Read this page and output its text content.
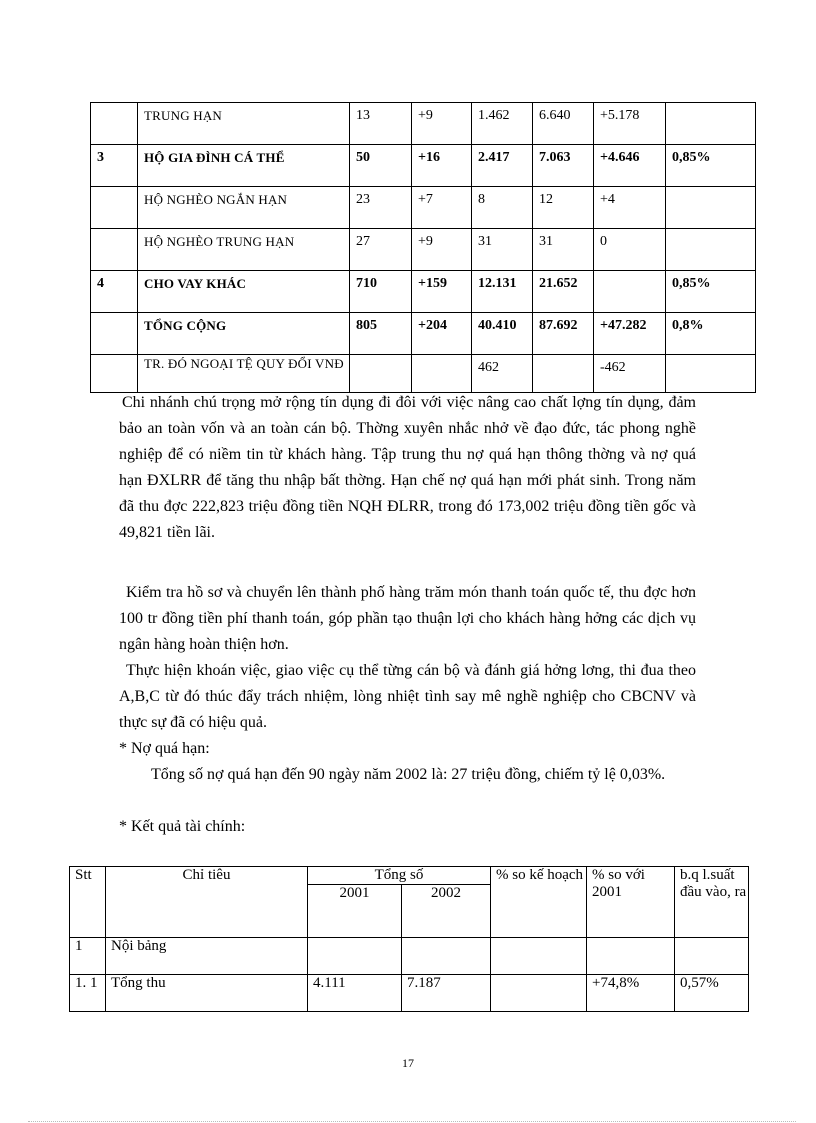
	TRUNG HẠN	13	+9	1.462	6.640	+5.178	
3	HỘ GIA ĐÌNH CÁ THỂ	50	+16	2.417	7.063	+4.646	0,85%
	HỘ NGHÈO NGẮN HẠN	23	+7	8	12	+4	
	HỘ NGHÈO TRUNG HẠN	27	+9	31	31	0	
4	CHO VAY KHÁC	710	+159	12.131	21.652		0,85%
	TỔNG CỘNG	805	+204	40.410	87.692	+47.282	0,8%
	TR. ĐÓ NGOẠI TỆ QUY ĐỔI VNĐ			462		-462	

Chi nhánh chú trọng mở rộng tín dụng đi đôi với việc nâng cao chất lợng tín dụng, đảm bảo an toàn vốn và an toàn cán bộ. Thờng xuyên nhắc nhở về đạo đức, tác phong nghề nghiệp để có niềm tin từ khách hàng. Tập trung thu nợ quá hạn thông thờng và nợ quá hạn ĐXLRR để tăng thu nhập bất thờng. Hạn chế nợ quá hạn mới phát sinh. Trong năm đã thu đợc 222,823 triệu đồng tiền NQH ĐLRR, trong đó 173,002 triệu đồng tiền gốc và 49,821 tiền lãi.

Kiểm tra hồ sơ và chuyển lên thành phố hàng trăm món thanh toán quốc tế, thu đợc hơn 100 tr đồng tiền phí thanh toán, góp phần tạo thuận lợi cho khách hàng hởng các dịch vụ ngân hàng hoàn thiện hơn.

Thực hiện khoán việc, giao việc cụ thể từng cán bộ và đánh giá hởng lơng, thi đua theo A,B,C từ đó thúc đẩy trách nhiệm, lòng nhiệt tình say mê nghề nghiệp cho CBCNV và thực sự đã có hiệu quả.

* Nợ quá hạn:

Tổng số nợ quá hạn đến 90 ngày năm 2002 là: 27 triệu đồng, chiếm tỷ lệ 0,03%.

* Kết quả tài chính:

Stt	Chỉ tiêu	Tổng số		% so kế hoạch	% so với 2001	b.q l.suất đầu vào, ra
		2001	2002			
1	Nội bảng					
1. 1	Tổng thu	4.111	7.187		+74,8%	0,57%
17
